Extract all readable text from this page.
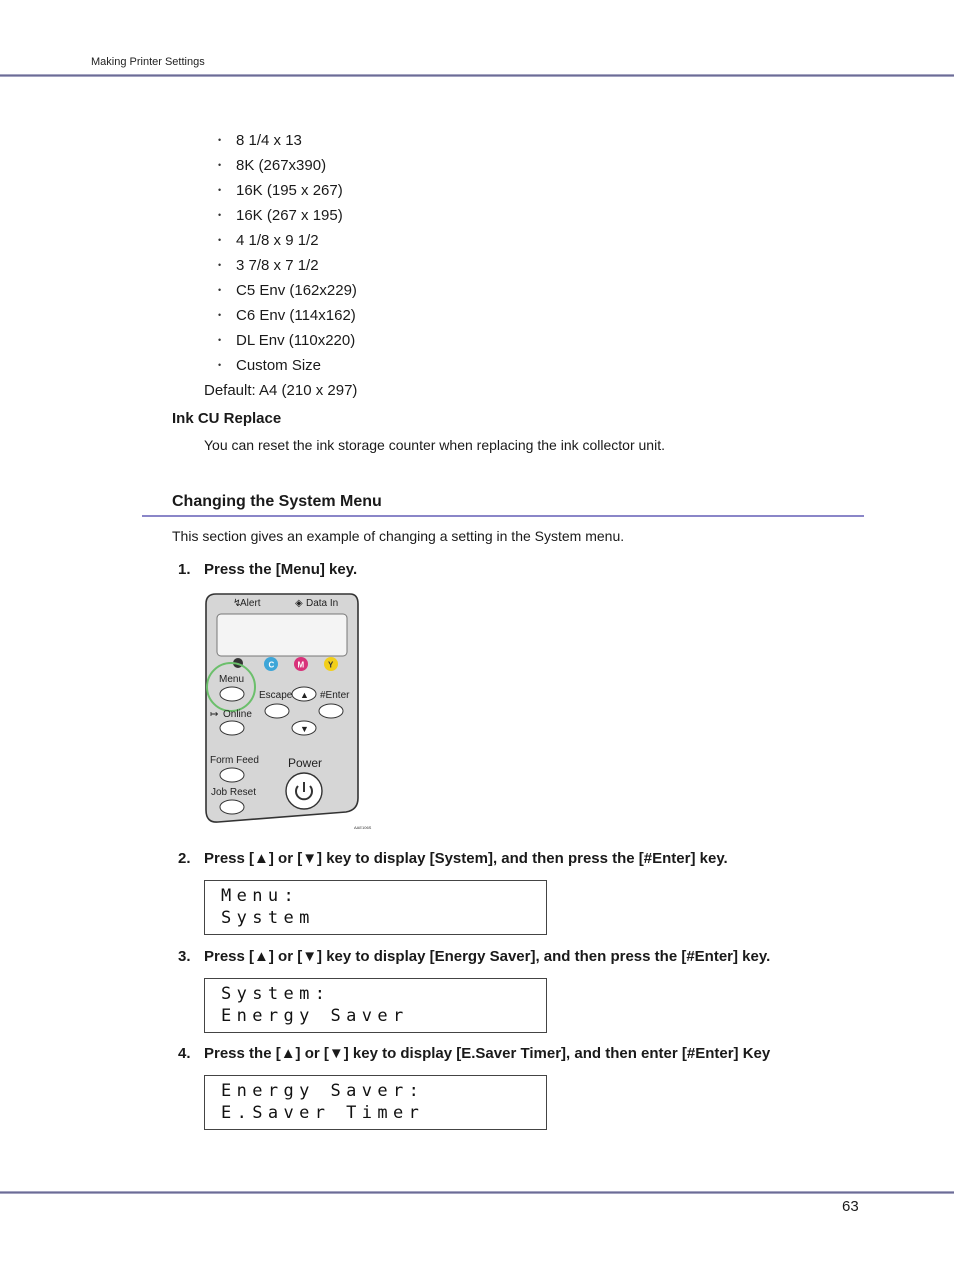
Making Printer Settings
• 8 1/4 x 13
• 8K (267x390)
• 16K (195 x 267)
• 16K (267 x 195)
• 4 1/8 x 9 1/2
• 3 7/8 x 7 1/2
• C5 Env (162x229)
• C6 Env (114x162)
• DL Env (110x220)
• Custom Size
Default: A4 (210 x 297)
Ink CU Replace
You can reset the ink storage counter when replacing the ink collector unit.
Changing the System Menu
This section gives an example of changing a setting in the System menu.
1. Press the [Menu] key.
↯
Alert	◈ Data In
C	M	Y
Menu
Escape ▲ #Enter
↦ Online
▼
Form Feed Power
Job Reset
AAE106S
2. Press [▲] or [▼] key to display [System], and then press the [#Enter] key.
Menu:
System
3. Press [▲] or [▼] key to display [Energy Saver], and then press the [#Enter] key.
System:
Energy Saver
4. Press the [▲] or [▼] key to display [E.Saver Timer], and then enter [#Enter] Key
Energy Saver:
E.Saver Timer
63
